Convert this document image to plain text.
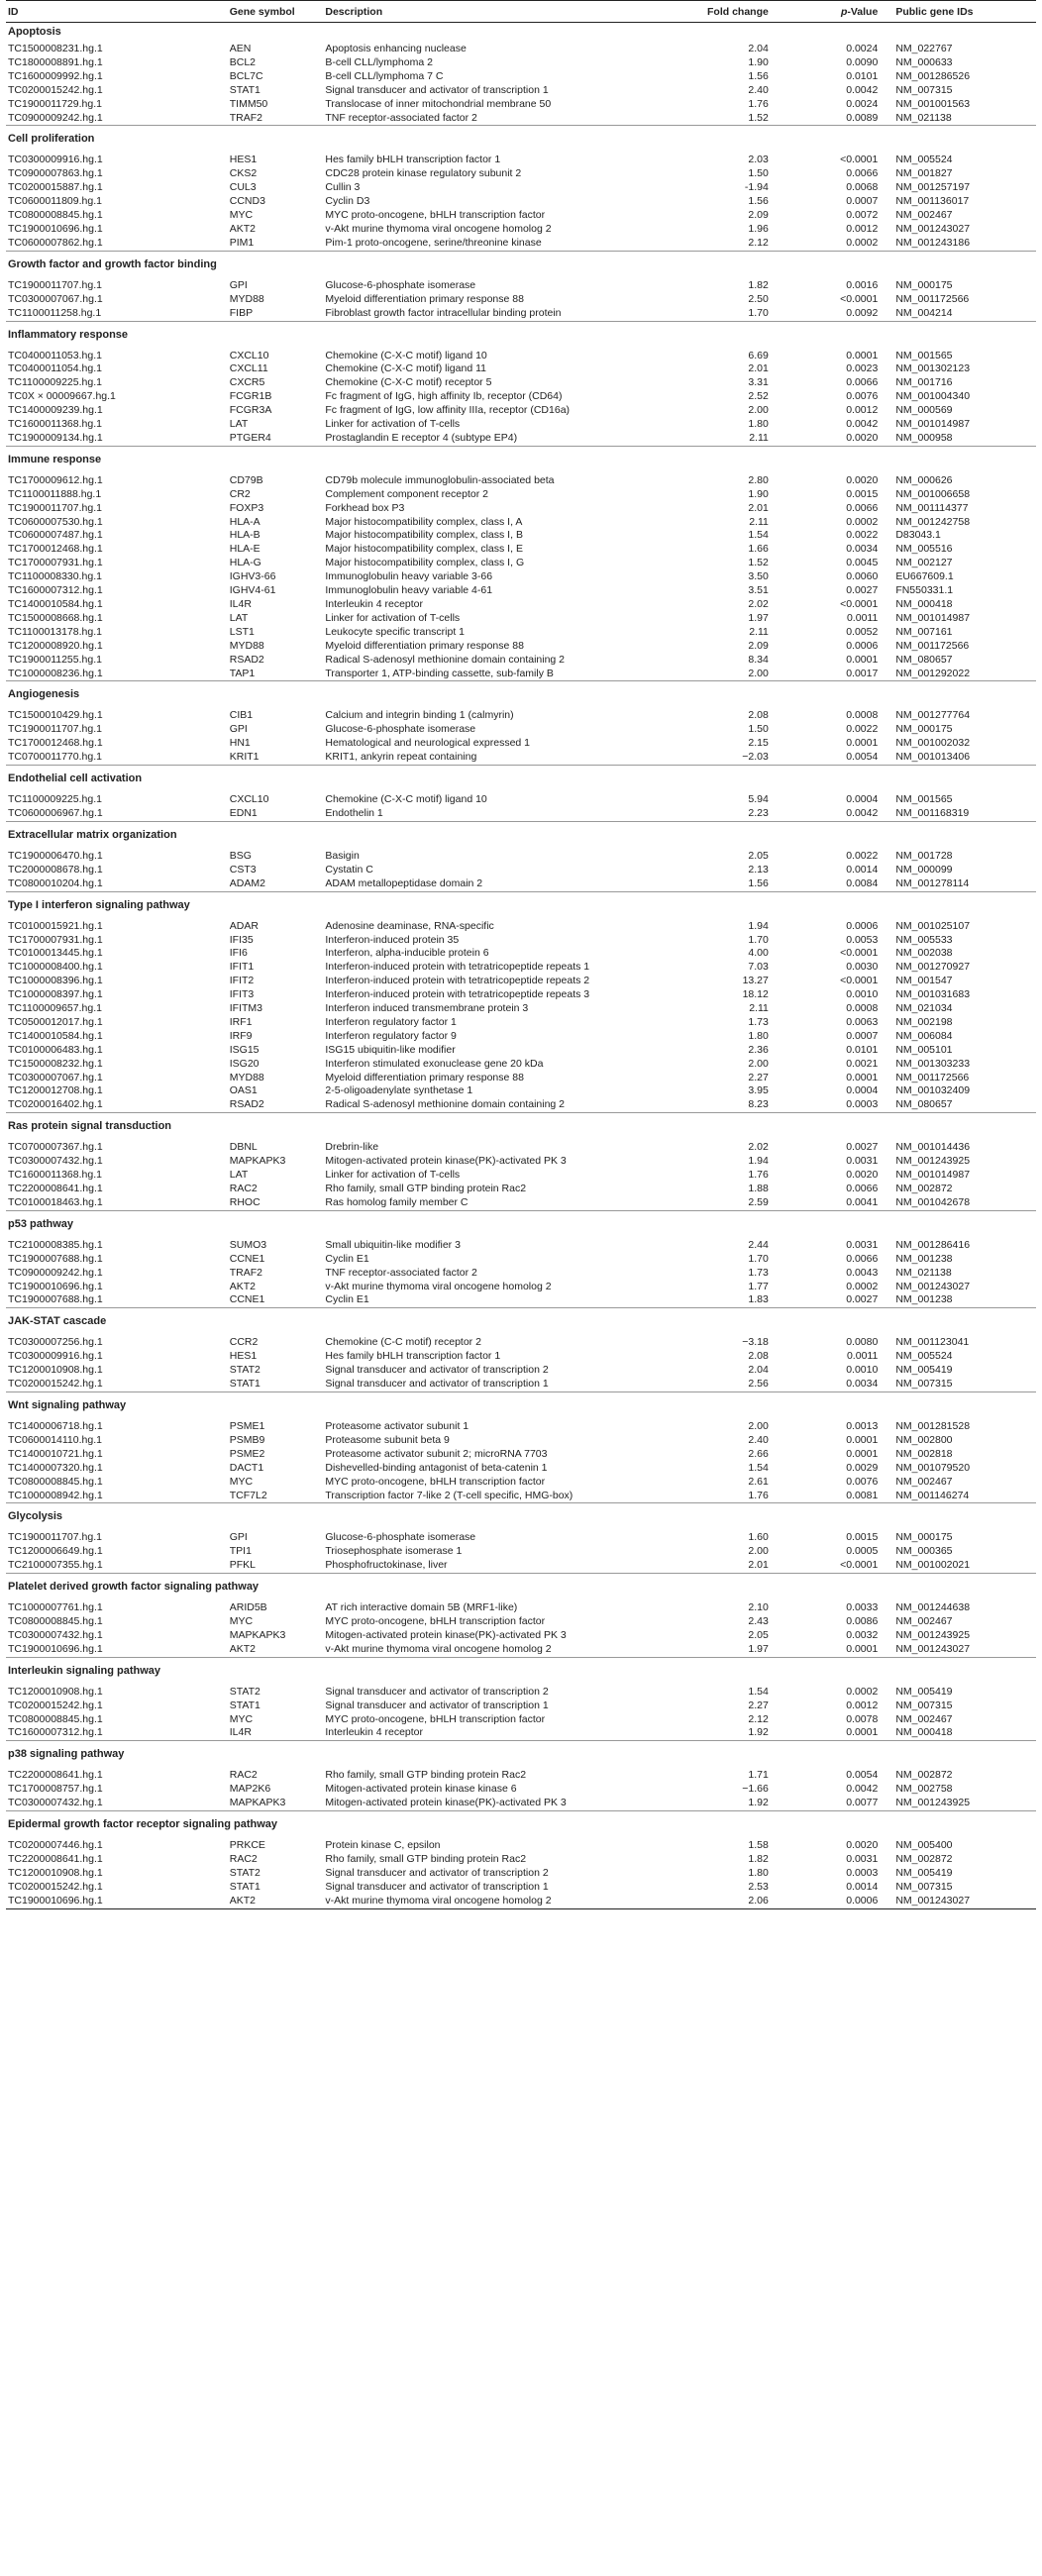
ID	Gene symbol	Description	Fold change	p-Value	Public gene IDs
Apoptosis					
TC1500008231.hg.1	AEN	Apoptosis enhancing nuclease	2.04	0.0024	NM_022767
TC1800008891.hg.1	BCL2	B-cell CLL/lymphoma 2	1.90	0.0090	NM_000633
TC1600009992.hg.1	BCL7C	B-cell CLL/lymphoma 7 C	1.56	0.0101	NM_001286526
TC0200015242.hg.1	STAT1	Signal transducer and activator of transcription 1	2.40	0.0042	NM_007315
TC1900011729.hg.1	TIMM50	Translocase of inner mitochondrial membrane 50	1.76	0.0024	NM_001001563
TC0900009242.hg.1	TRAF2	TNF receptor-associated factor 2	1.52	0.0089	NM_021138
Cell proliferation					
TC0300009916.hg.1	HES1	Hes family bHLH transcription factor 1	2.03	<0.0001	NM_005524
TC0900007863.hg.1	CKS2	CDC28 protein kinase regulatory subunit 2	1.50	0.0066	NM_001827
TC0200015887.hg.1	CUL3	Cullin 3	-1.94	0.0068	NM_001257197
TC0600011809.hg.1	CCND3	Cyclin D3	1.56	0.0007	NM_001136017
TC0800008845.hg.1	MYC	MYC proto-oncogene, bHLH transcription factor	2.09	0.0072	NM_002467
TC1900010696.hg.1	AKT2	v-Akt murine thymoma viral oncogene homolog 2	1.96	0.0012	NM_001243027
TC0600007862.hg.1	PIM1	Pim-1 proto-oncogene, serine/threonine kinase	2.12	0.0002	NM_001243186
Growth factor and growth factor binding					
TC1900011707.hg.1	GPI	Glucose-6-phosphate isomerase	1.82	0.0016	NM_000175
TC0300007067.hg.1	MYD88	Myeloid differentiation primary response 88	2.50	<0.0001	NM_001172566
TC1100011258.hg.1	FIBP	Fibroblast growth factor intracellular binding protein	1.70	0.0092	NM_004214
Inflammatory response					
TC0400011053.hg.1	CXCL10	Chemokine (C-X-C motif) ligand 10	6.69	0.0001	NM_001565
TC0400011054.hg.1	CXCL11	Chemokine (C-X-C motif) ligand 11	2.01	0.0023	NM_001302123
TC1100009225.hg.1	CXCR5	Chemokine (C-X-C motif) receptor 5	3.31	0.0066	NM_001716
TC0X × 00009667.hg.1	FCGR1B	Fc fragment of IgG, high affinity Ib, receptor (CD64)	2.52	0.0076	NM_001004340
TC1400009239.hg.1	FCGR3A	Fc fragment of IgG, low affinity IIIa, receptor (CD16a)	2.00	0.0012	NM_000569
TC1600011368.hg.1	LAT	Linker for activation of T-cells	1.80	0.0042	NM_001014987
TC1900009134.hg.1	PTGER4	Prostaglandin E receptor 4 (subtype EP4)	2.11	0.0020	NM_000958
Immune response					
TC1700009612.hg.1	CD79B	CD79b molecule immunoglobulin-associated beta	2.80	0.0020	NM_000626
TC1100011888.hg.1	CR2	Complement component receptor 2	1.90	0.0015	NM_001006658
TC1900011707.hg.1	FOXP3	Forkhead box P3	2.01	0.0066	NM_001114377
TC0600007530.hg.1	HLA-A	Major histocompatibility complex, class I, A	2.11	0.0002	NM_001242758
TC0600007487.hg.1	HLA-B	Major histocompatibility complex, class I, B	1.54	0.0022	D83043.1
TC1700012468.hg.1	HLA-E	Major histocompatibility complex, class I, E	1.66	0.0034	NM_005516
TC1700007931.hg.1	HLA-G	Major histocompatibility complex, class I, G	1.52	0.0045	NM_002127
TC1100008330.hg.1	IGHV3-66	Immunoglobulin heavy variable 3-66	3.50	0.0060	EU667609.1
TC1600007312.hg.1	IGHV4-61	Immunoglobulin heavy variable 4-61	3.51	0.0027	FN550331.1
TC1400010584.hg.1	IL4R	Interleukin 4 receptor	2.02	<0.0001	NM_000418
TC1500008668.hg.1	LAT	Linker for activation of T-cells	1.97	0.0011	NM_001014987
TC1100013178.hg.1	LST1	Leukocyte specific transcript 1	2.11	0.0052	NM_007161
TC1200008920.hg.1	MYD88	Myeloid differentiation primary response 88	2.09	0.0006	NM_001172566
TC1900011255.hg.1	RSAD2	Radical S-adenosyl methionine domain containing 2	8.34	0.0001	NM_080657
TC1000008236.hg.1	TAP1	Transporter 1, ATP-binding cassette, sub-family B	2.00	0.0017	NM_001292022
Angiogenesis					
TC1500010429.hg.1	CIB1	Calcium and integrin binding 1 (calmyrin)	2.08	0.0008	NM_001277764
TC1900011707.hg.1	GPI	Glucose-6-phosphate isomerase	1.50	0.0022	NM_000175
TC1700012468.hg.1	HN1	Hematological and neurological expressed 1	2.15	0.0001	NM_001002032
TC0700011770.hg.1	KRIT1	KRIT1, ankyrin repeat containing	−2.03	0.0054	NM_001013406
Endothelial cell activation					
TC1100009225.hg.1	CXCL10	Chemokine (C-X-C motif) ligand 10	5.94	0.0004	NM_001565
TC0600006967.hg.1	EDN1	Endothelin 1	2.23	0.0042	NM_001168319
Extracellular matrix organization					
TC1900006470.hg.1	BSG	Basigin	2.05	0.0022	NM_001728
TC2000008678.hg.1	CST3	Cystatin C	2.13	0.0014	NM_000099
TC0800010204.hg.1	ADAM2	ADAM metallopeptidase domain 2	1.56	0.0084	NM_001278114
Type I interferon signaling pathway					
TC0100015921.hg.1	ADAR	Adenosine deaminase, RNA-specific	1.94	0.0006	NM_001025107
TC1700007931.hg.1	IFI35	Interferon-induced protein 35	1.70	0.0053	NM_005533
TC0100013445.hg.1	IFI6	Interferon, alpha-inducible protein 6	4.00	<0.0001	NM_002038
TC1000008400.hg.1	IFIT1	Interferon-induced protein with tetratricopeptide repeats 1	7.03	0.0030	NM_001270927
TC1000008396.hg.1	IFIT2	Interferon-induced protein with tetratricopeptide repeats 2	13.27	<0.0001	NM_001547
TC1000008397.hg.1	IFIT3	Interferon-induced protein with tetratricopeptide repeats 3	18.12	0.0010	NM_001031683
TC1100009657.hg.1	IFITM3	Interferon induced transmembrane protein 3	2.11	0.0008	NM_021034
TC0500012017.hg.1	IRF1	Interferon regulatory factor 1	1.73	0.0063	NM_002198
TC1400010584.hg.1	IRF9	Interferon regulatory factor 9	1.80	0.0007	NM_006084
TC0100006483.hg.1	ISG15	ISG15 ubiquitin-like modifier	2.36	0.0101	NM_005101
TC1500008232.hg.1	ISG20	Interferon stimulated exonuclease gene 20 kDa	2.00	0.0021	NM_001303233
TC0300007067.hg.1	MYD88	Myeloid differentiation primary response 88	2.27	0.0001	NM_001172566
TC1200012708.hg.1	OAS1	2-5-oligoadenylate synthetase 1	3.95	0.0004	NM_001032409
TC0200016402.hg.1	RSAD2	Radical S-adenosyl methionine domain containing 2	8.23	0.0003	NM_080657
Ras protein signal transduction					
TC0700007367.hg.1	DBNL	Drebrin-like	2.02	0.0027	NM_001014436
TC0300007432.hg.1	MAPKAPK3	Mitogen-activated protein kinase(PK)-activated PK 3	1.94	0.0031	NM_001243925
TC1600011368.hg.1	LAT	Linker for activation of T-cells	1.76	0.0020	NM_001014987
TC2200008641.hg.1	RAC2	Rho family, small GTP binding protein Rac2	1.88	0.0066	NM_002872
TC0100018463.hg.1	RHOC	Ras homolog family member C	2.59	0.0041	NM_001042678
p53 pathway					
TC2100008385.hg.1	SUMO3	Small ubiquitin-like modifier 3	2.44	0.0031	NM_001286416
TC1900007688.hg.1	CCNE1	Cyclin E1	1.70	0.0066	NM_001238
TC0900009242.hg.1	TRAF2	TNF receptor-associated factor 2	1.73	0.0043	NM_021138
TC1900010696.hg.1	AKT2	v-Akt murine thymoma viral oncogene homolog 2	1.77	0.0002	NM_001243027
TC1900007688.hg.1	CCNE1	Cyclin E1	1.83	0.0027	NM_001238
JAK-STAT cascade					
TC0300007256.hg.1	CCR2	Chemokine (C-C motif) receptor 2	−3.18	0.0080	NM_001123041
TC0300009916.hg.1	HES1	Hes family bHLH transcription factor 1	2.08	0.0011	NM_005524
TC1200010908.hg.1	STAT2	Signal transducer and activator of transcription 2	2.04	0.0010	NM_005419
TC0200015242.hg.1	STAT1	Signal transducer and activator of transcription 1	2.56	0.0034	NM_007315
Wnt signaling pathway					
TC1400006718.hg.1	PSME1	Proteasome activator subunit 1	2.00	0.0013	NM_001281528
TC0600014110.hg.1	PSMB9	Proteasome subunit beta 9	2.40	0.0001	NM_002800
TC1400010721.hg.1	PSME2	Proteasome activator subunit 2; microRNA 7703	2.66	0.0001	NM_002818
TC1400007320.hg.1	DACT1	Dishevelled-binding antagonist of beta-catenin 1	1.54	0.0029	NM_001079520
TC0800008845.hg.1	MYC	MYC proto-oncogene, bHLH transcription factor	2.61	0.0076	NM_002467
TC1000008942.hg.1	TCF7L2	Transcription factor 7-like 2 (T-cell specific, HMG-box)	1.76	0.0081	NM_001146274
Glycolysis					
TC1900011707.hg.1	GPI	Glucose-6-phosphate isomerase	1.60	0.0015	NM_000175
TC1200006649.hg.1	TPI1	Triosephosphate isomerase 1	2.00	0.0005	NM_000365
TC2100007355.hg.1	PFKL	Phosphofructokinase, liver	2.01	<0.0001	NM_001002021
Platelet derived growth factor signaling pathway					
TC1000007761.hg.1	ARID5B	AT rich interactive domain 5B (MRF1-like)	2.10	0.0033	NM_001244638
TC0800008845.hg.1	MYC	MYC proto-oncogene, bHLH transcription factor	2.43	0.0086	NM_002467
TC0300007432.hg.1	MAPKAPK3	Mitogen-activated protein kinase(PK)-activated PK 3	2.05	0.0032	NM_001243925
TC1900010696.hg.1	AKT2	v-Akt murine thymoma viral oncogene homolog 2	1.97	0.0001	NM_001243027
Interleukin signaling pathway					
TC1200010908.hg.1	STAT2	Signal transducer and activator of transcription 2	1.54	0.0002	NM_005419
TC0200015242.hg.1	STAT1	Signal transducer and activator of transcription 1	2.27	0.0012	NM_007315
TC0800008845.hg.1	MYC	MYC proto-oncogene, bHLH transcription factor	2.12	0.0078	NM_002467
TC1600007312.hg.1	IL4R	Interleukin 4 receptor	1.92	0.0001	NM_000418
p38 signaling pathway					
TC2200008641.hg.1	RAC2	Rho family, small GTP binding protein Rac2	1.71	0.0054	NM_002872
TC1700008757.hg.1	MAP2K6	Mitogen-activated protein kinase kinase 6	−1.66	0.0042	NM_002758
TC0300007432.hg.1	MAPKAPK3	Mitogen-activated protein kinase(PK)-activated PK 3	1.92	0.0077	NM_001243925
Epidermal growth factor receptor signaling pathway					
TC0200007446.hg.1	PRKCE	Protein kinase C, epsilon	1.58	0.0020	NM_005400
TC2200008641.hg.1	RAC2	Rho family, small GTP binding protein Rac2	1.82	0.0031	NM_002872
TC1200010908.hg.1	STAT2	Signal transducer and activator of transcription 2	1.80	0.0003	NM_005419
TC0200015242.hg.1	STAT1	Signal transducer and activator of transcription 1	2.53	0.0014	NM_007315
TC1900010696.hg.1	AKT2	v-Akt murine thymoma viral oncogene homolog 2	2.06	0.0006	NM_001243027
